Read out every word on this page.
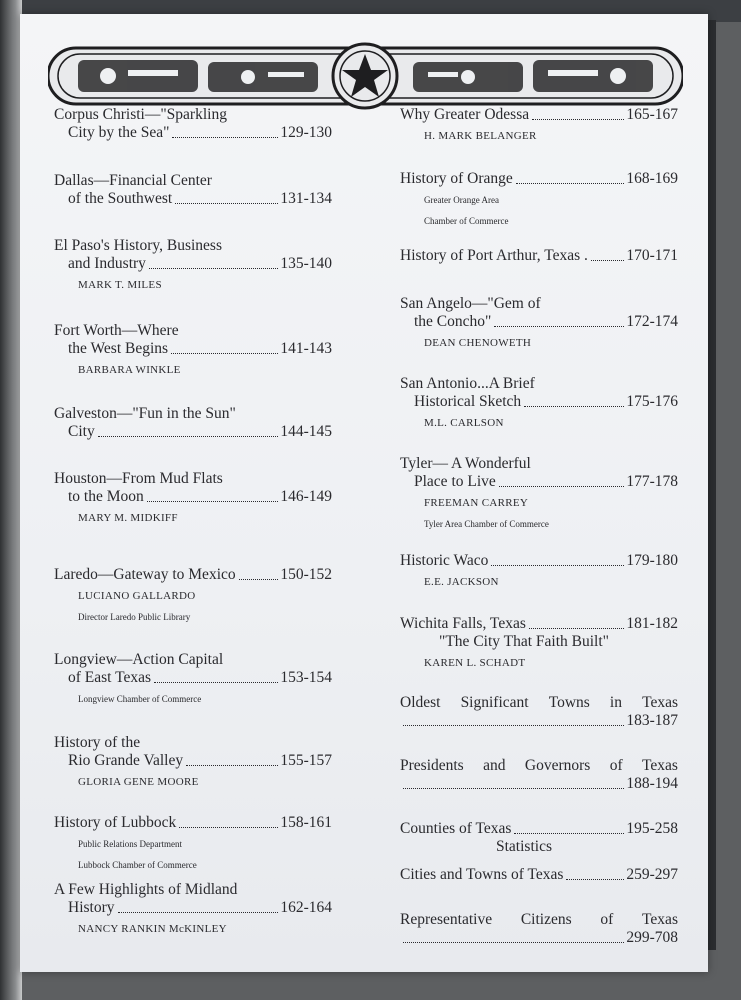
Corpus Christi—"Sparkling
City by the Sea"	129-130
Dallas—Financial Center
of the Southwest	131-134
El Paso's History, Business
and Industry	135-140
MARK T. MILES
Fort Worth—Where
the West Begins	141-143
BARBARA WINKLE
Galveston—"Fun in the Sun"
City	144-145
Houston—From Mud Flats
to the Moon	146-149
MARY M. MIDKIFF
Laredo—Gateway to Mexico	150-152
LUCIANO GALLARDO
Director Laredo Public Library
Longview—Action Capital
of East Texas	153-154
Longview Chamber of Commerce
History of the
Rio Grande Valley	155-157
GLORIA GENE MOORE
History of Lubbock	158-161
Public Relations Department
Lubbock Chamber of Commerce
A Few Highlights of Midland
History	162-164
NANCY RANKIN McKINLEY
Why Greater Odessa	165-167
H. MARK BELANGER
History of Orange	168-169
Greater Orange Area
Chamber of Commerce
History of Port Arthur, Texas . 170-171
San Angelo—"Gem of
the Concho"	172-174
DEAN CHENOWETH
San Antonio...A Brief
Historical Sketch	175-176
M.L. CARLSON
Tyler— A Wonderful
Place to Live	177-178
FREEMAN CARREY
Tyler Area Chamber of Commerce
Historic Waco	179-180
E.E. JACKSON
Wichita Falls, Texas	181-182
"The City That Faith Built"
KAREN L. SCHADT
Oldest Significant Towns in Texas
183-187
Presidents and Governors of Texas
188-194
Counties of Texas	195-258
Statistics
Cities and Towns of Texas	259-297
Representative Citizens of Texas
299-708
